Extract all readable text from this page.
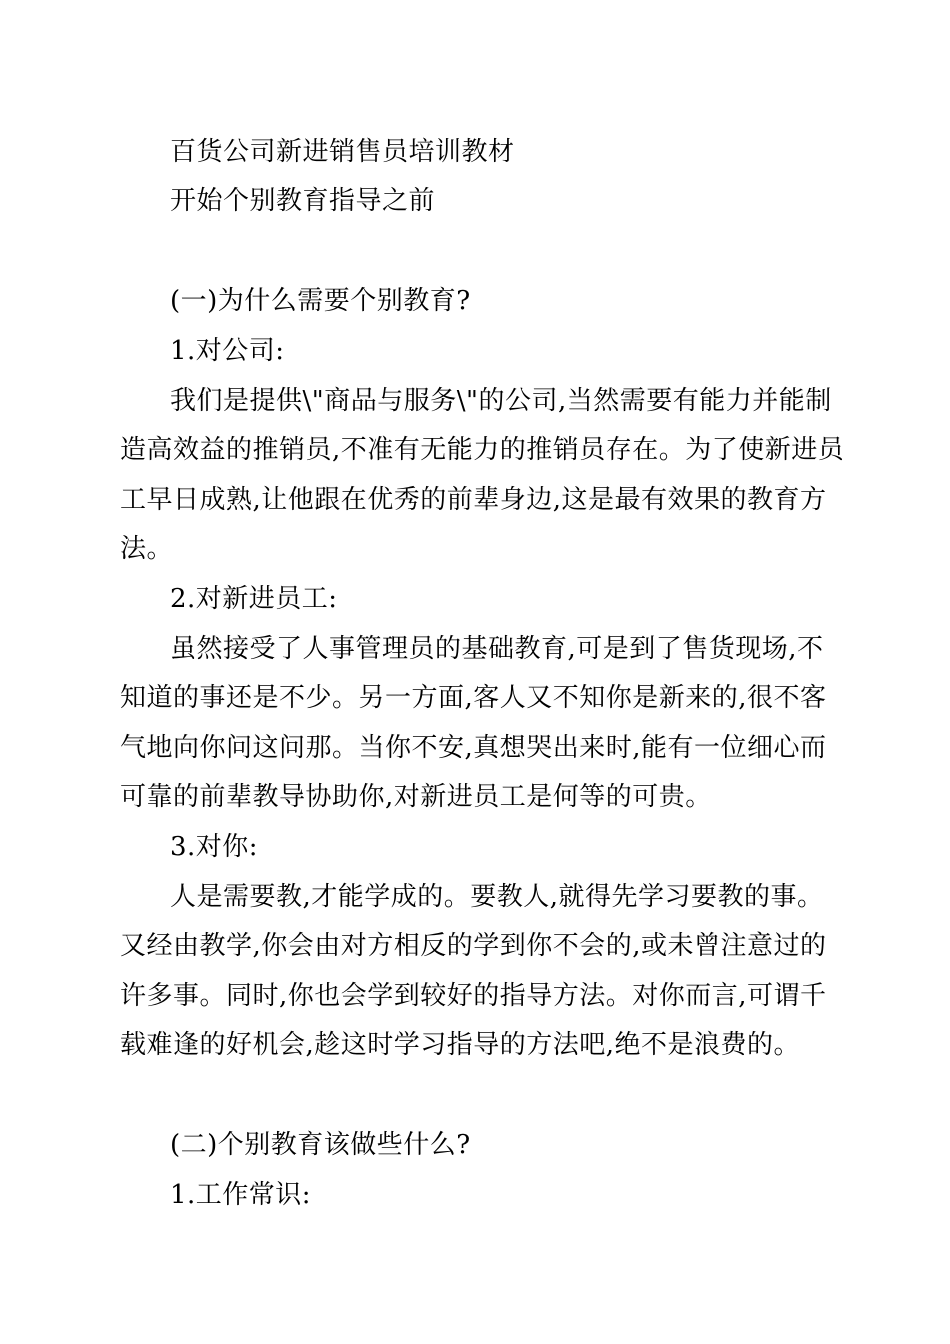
百货公司新进销售员培训教材
开始个别教育指导之前
(一)为什么需要个别教育?
1.对公司:
我们是提供\"商品与服务\"的公司,当然需要有能力并能制
造高效益的推销员,不准有无能力的推销员存在。为了使新进员
工早日成熟,让他跟在优秀的前辈身边,这是最有效果的教育方
法。
2.对新进员工:
虽然接受了人事管理员的基础教育,可是到了售货现场,不
知道的事还是不少。另一方面,客人又不知你是新来的,很不客
气地向你问这问那。当你不安,真想哭出来时,能有一位细心而
可靠的前辈教导协助你,对新进员工是何等的可贵。
3.对你:
人是需要教,才能学成的。要教人,就得先学习要教的事。
又经由教学,你会由对方相反的学到你不会的,或未曾注意过的
许多事。同时,你也会学到较好的指导方法。对你而言,可谓千
载难逢的好机会,趁这时学习指导的方法吧,绝不是浪费的。
(二)个别教育该做些什么?
1.工作常识:
